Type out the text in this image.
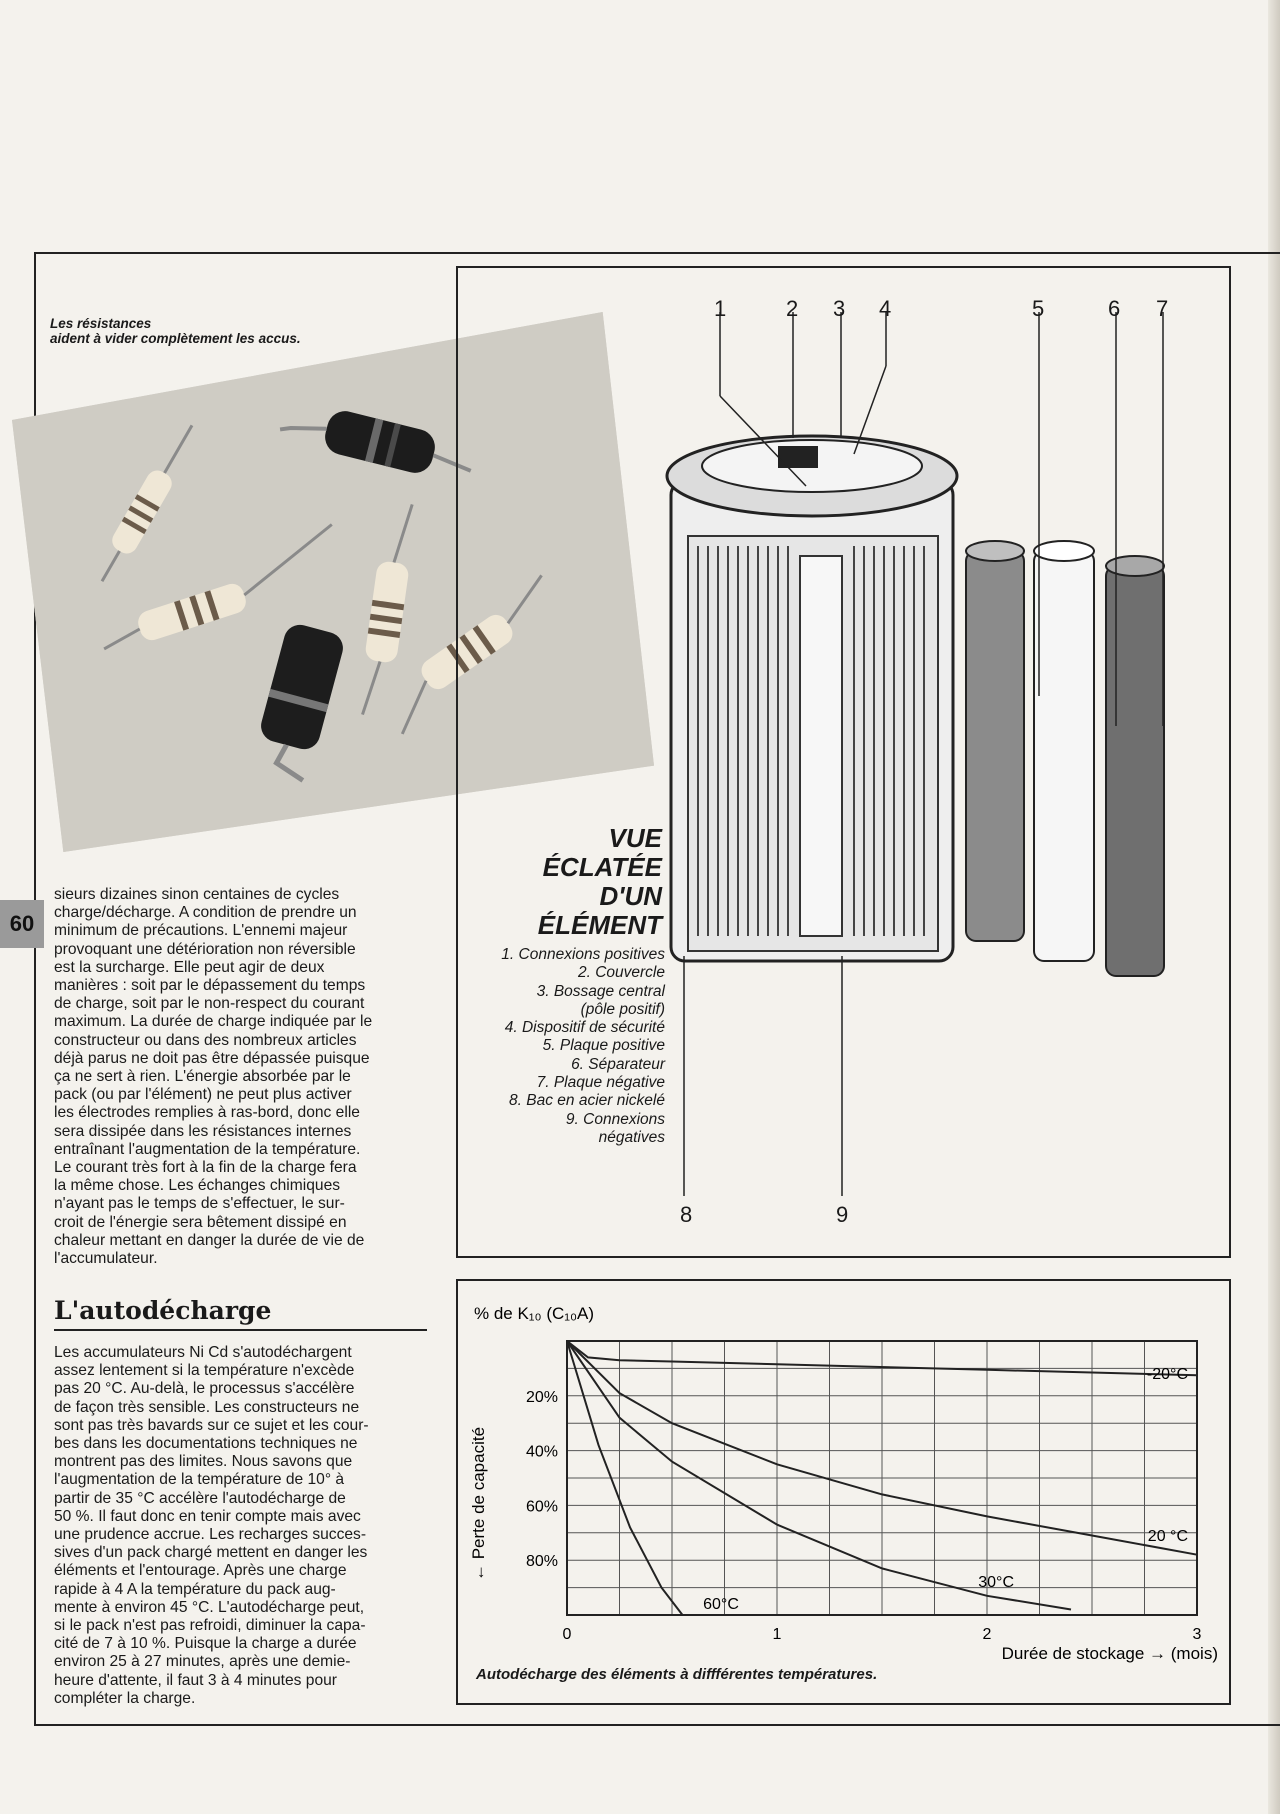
60
Les résistances
aident à vider complètement les accus.
sieurs dizaines sinon centaines de cycles
charge/décharge. A condition de prendre un
minimum de précautions. L'ennemi majeur
provoquant une détérioration non réversible
est la surcharge. Elle peut agir de deux
manières : soit par le dépassement du temps
de charge, soit par le non-respect du courant
maximum. La durée de charge indiquée par le
constructeur ou dans des nombreux articles
déjà parus ne doit pas être dépassée puisque
ça ne sert à rien. L'énergie absorbée par le
pack (ou par l'élément) ne peut plus activer
les électrodes remplies à ras-bord, donc elle
sera dissipée dans les résistances internes
entraînant l'augmentation de la température.
Le courant très fort à la fin de la charge fera
la même chose. Les échanges chimiques
n'ayant pas le temps de s'effectuer, le sur-
croit de l'énergie sera bêtement dissipé en
chaleur mettant en danger la durée de vie de
l'accumulateur.
L'autodécharge
Les accumulateurs Ni Cd s'autodéchargent
assez lentement si la température n'excède
pas 20 °C. Au-delà, le processus s'accélère
de façon très sensible. Les constructeurs ne
sont pas très bavards sur ce sujet et les cour-
bes dans les documentations techniques ne
montrent pas des limites. Nous savons que
l'augmentation de la température de 10° à
partir de 35 °C accélère l'autodécharge de
50 %. Il faut donc en tenir compte mais avec
une prudence accrue. Les recharges succes-
sives d'un pack chargé mettent en danger les
éléments et l'entourage. Après une charge
rapide à 4 A la température du pack aug-
mente à environ 45 °C. L'autodécharge peut,
si le pack n'est pas refroidi, diminuer la capa-
cité de 7 à 10 %. Puisque la charge a durée
environ 25 à 27 minutes, après une demie-
heure d'attente, il faut 3 à 4 minutes pour
compléter la charge.
1	2 3 4	5	6 7
8	9
VUE
ÉCLATÉE
D'UN
ÉLÉMENT
1. Connexions positives
2. Couvercle
3. Bossage central
(pôle positif)
4. Dispositif de sécurité
5. Plaque positive
6. Séparateur
7. Plaque négative
8. Bac en acier nickelé
9. Connexions
négatives
% de K₁₀ (C₁₀A)
← Perte de capacité
Durée de stockage → (mois)
0	1	2	3
20%
40%
60%
80%
-20°C
20 °C
30°C
60°C
Autodécharge des éléments à diffférentes températures.
